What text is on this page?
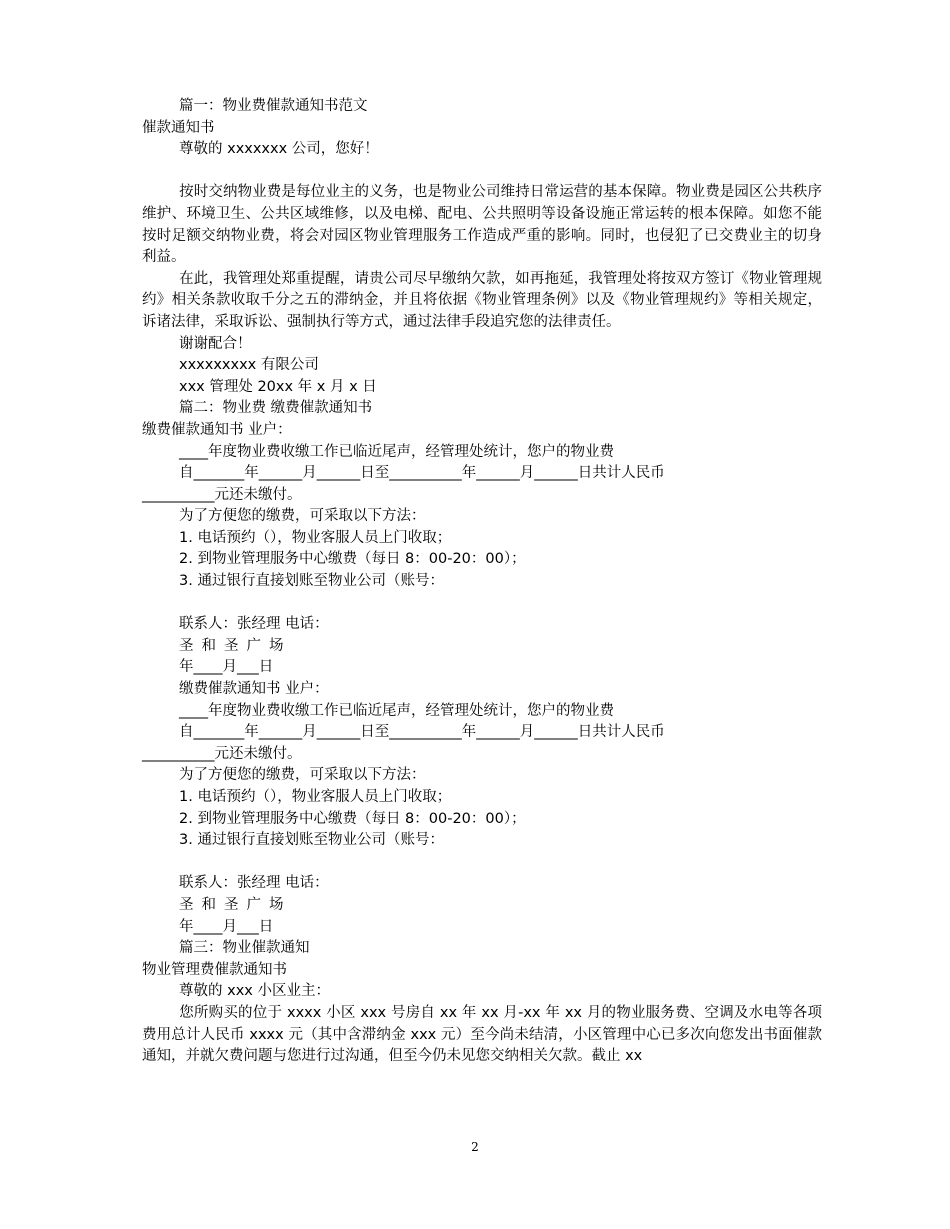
篇一：物业费催款通知书范文
催款通知书
尊敬的 xxxxxxx 公司，您好！
按时交纳物业费是每位业主的义务，也是物业公司维持日常运营的基本保障。物业费是园区公共秩序维护、环境卫生、公共区域维修，以及电梯、配电、公共照明等设备设施正常运转的根本保障。如您不能按时足额交纳物业费，将会对园区物业管理服务工作造成严重的影响。同时，也侵犯了已交费业主的切身利益。
在此，我管理处郑重提醒，请贵公司尽早缴纳欠款，如再拖延，我管理处将按双方签订《物业管理规约》相关条款收取千分之五的滞纳金，并且将依据《物业管理条例》以及《物业管理规约》等相关规定，诉诸法律，采取诉讼、强制执行等方式，通过法律手段追究您的法律责任。
谢谢配合！
xxxxxxxxx 有限公司
xxx 管理处 20xx 年 x 月 x 日
篇二：物业费 缴费催款通知书
缴费催款通知书 业户：
____年度物业费收缴工作已临近尾声，经管理处统计，您户的物业费
自_______年______月______日至__________年______月______日共计人民币
__________元还未缴付。
为了方便您的缴费，可采取以下方法：
1. 电话预约（），物业客服人员上门收取；
2. 到物业管理服务中心缴费（每日 8：00-20：00）；
3. 通过银行直接划账至物业公司（账号：
联系人：张经理 电话：
圣和圣广场
年____月___日
缴费催款通知书 业户：
____年度物业费收缴工作已临近尾声，经管理处统计，您户的物业费
自_______年______月______日至__________年______月______日共计人民币
__________元还未缴付。
为了方便您的缴费，可采取以下方法：
1. 电话预约（），物业客服人员上门收取；
2. 到物业管理服务中心缴费（每日 8：00-20：00）；
3. 通过银行直接划账至物业公司（账号：
联系人：张经理 电话：
圣和圣广场
年____月___日
篇三：物业催款通知
物业管理费催款通知书
尊敬的 xxx 小区业主：
您所购买的位于 xxxx 小区 xxx 号房自 xx 年 xx 月-xx 年 xx 月的物业服务费、空调及水电等各项费用总计人民币 xxxx 元（其中含滞纳金 xxx 元）至今尚未结清，小区管理中心已多次向您发出书面催款通知，并就欠费问题与您进行过沟通，但至今仍未见您交纳相关欠款。截止 xx
2
